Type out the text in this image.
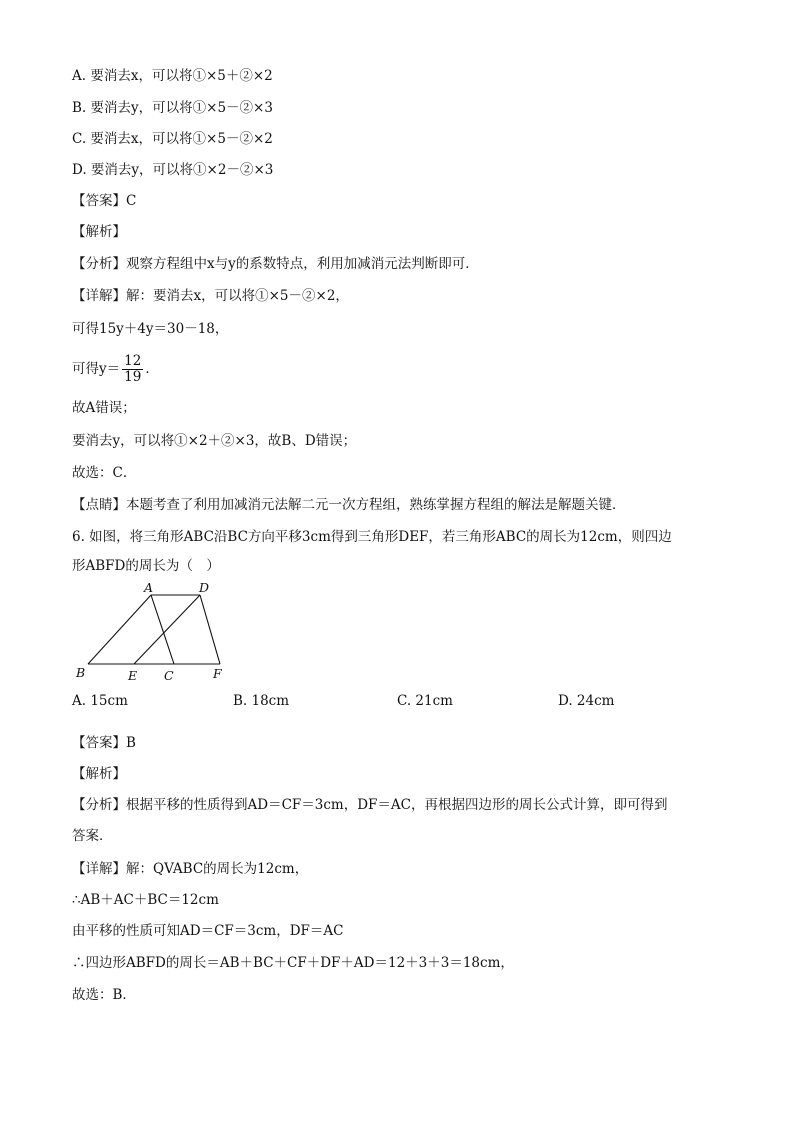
A. 要消去x，可以将①×5＋②×2
B. 要消去y，可以将①×5－②×3
C. 要消去x，可以将①×5－②×2
D. 要消去y，可以将①×2－②×3
【答案】C
【解析】
【分析】观察方程组中x与y的系数特点，利用加减消元法判断即可．
【详解】解：要消去x，可以将①×5－②×2，
可得15y＋4y＝30－18，
可得$y= \frac{12}{19}$ ．
故A错误；
要消去y，可以将①×2＋②×3，故B、D错误；
故选：C．
【点睛】本题考查了利用加减消元法解二元一次方程组，熟练掌握方程组的解法是解题关键．
6. 如图，将三角形ABC沿BC方向平移3cm得到三角形DEF，若三角形ABC的周长为12cm，则四边
形ABFD的周长为（　）
A	D
B	E C	F
A. 15cm	B. 18cm	C. 21cm	D. 24cm
【答案】B
【解析】
【分析】根据平移的性质得到AD＝CF＝3cm，DF＝AC，再根据四边形的周长公式计算，即可得到
答案．
【详解】解：QVABC的周长为12cm，
∴AB＋AC＋BC＝12cm
由平移的性质可知AD＝CF＝3cm，DF＝AC
∴四边形ABFD的周长＝AB＋BC＋CF＋DF＋AD＝12＋3＋3＝18cm，
故选：B．
